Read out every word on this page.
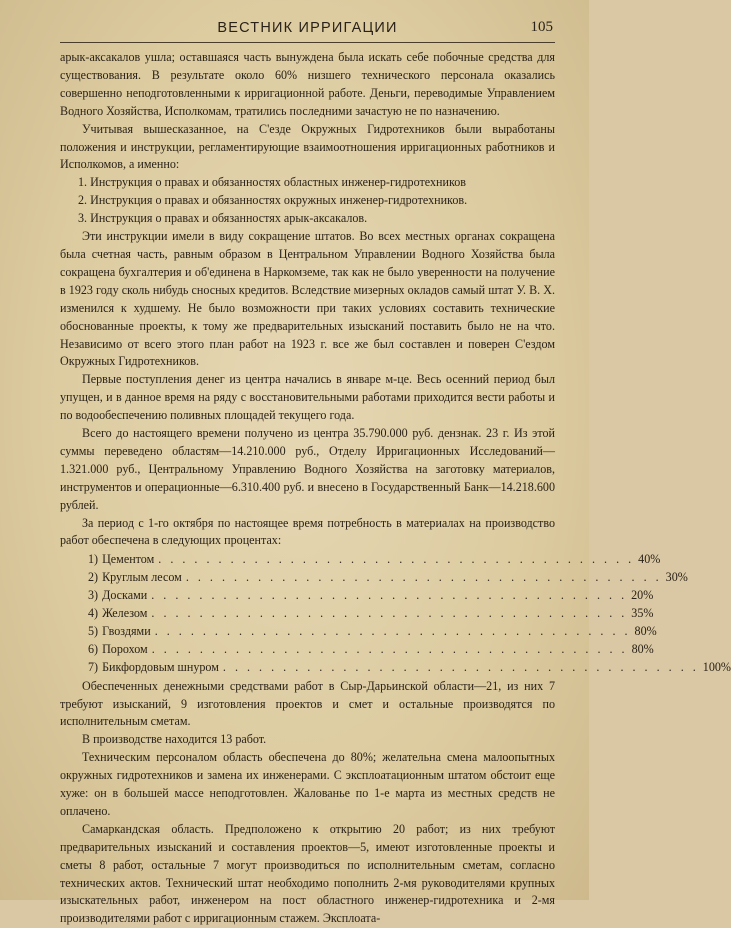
ВЕСТНИК ИРРИГАЦИИ	105

арык-аксакалов ушла; оставшаяся часть вынуждена была искать себе побочные средства для существования. В результате около 60% низшего технического персонала оказались совершенно неподготовленными к ирригационной работе. Деньги, переводимые Управлением Водного Хозяйства, Исполкомам, тратились последними зачастую не по назначению.

Учитывая вышесказанное, на С'езде Окружных Гидротехников были выработаны положения и инструкции, регламентирующие взаимоотношения ирригационных работников и Исполкомов, а именно:

1. Инструкция о правах и обязанностях областных инженер-гидротехников

2. Инструкция о правах и обязанностях окружных инженер-гидротехников.

3. Инструкция о правах и обязанностях арык-аксакалов.

Эти инструкции имели в виду сокращение штатов. Во всех местных органах сокращена была счетная часть, равным образом в Центральном Управлении Водного Хозяйства была сокращена бухгалтерия и об'единена в Наркомземе, так как не было уверенности на получение в 1923 году сколь нибудь сносных кредитов. Вследствие мизерных окладов самый штат У. В. Х. изменился к худшему. Не было возможности при таких условиях составить технические обоснованные проекты, к тому же предварительных изысканий поставить было не на что. Независимо от всего этого план работ на 1923 г. все же был составлен и поверен С'ездом Окружных Гидротехников.

Первые поступления денег из центра начались в январе м-це. Весь осенний период был упущен, и в данное время на ряду с восстановительными работами приходится вести работы и по водообеспечению поливных площадей текущего года.

Всего до настоящего времени получено из центра 35.790.000 руб. дензнак. 23 г. Из этой суммы переведено областям—14.210.000 руб., Отделу Ирригационных Исследований—1.321.000 руб., Центральному Управлению Водного Хозяйства на заготовку материалов, инструментов и операционные—6.310.400 руб. и внесено в Государственный Банк—14.218.600 рублей.

За период с 1-го октября по настоящее время потребность в материалах на производство работ обеспечена в следующих процентах:

1) Цементом . . . . . . . . . . . . . . . . . . . . . . . . . . . . . . . . . . . . . . . . 40%
2) Круглым лесом . . . . . . . . . . . . . . . . . . . . . . . . . . . . . . . . . . . . . . . . 30%
3) Досками . . . . . . . . . . . . . . . . . . . . . . . . . . . . . . . . . . . . . . . . 20%
4) Железом . . . . . . . . . . . . . . . . . . . . . . . . . . . . . . . . . . . . . . . . 35%
5) Гвоздями . . . . . . . . . . . . . . . . . . . . . . . . . . . . . . . . . . . . . . . . 80%
6) Порохом . . . . . . . . . . . . . . . . . . . . . . . . . . . . . . . . . . . . . . . . 80%
7) Бикфордовым шнуром . . . . . . . . . . . . . . . . . . . . . . . . . . . . . . . . . . . . . . . . 100%

Обеспеченных денежными средствами работ в Сыр-Дарьинской области—21, из них 7 требуют изысканий, 9 изготовления проектов и смет и остальные производятся по исполнительным сметам.

В производстве находится 13 работ.

Техническим персоналом область обеспечена до 80%; желательна смена малоопытных окружных гидротехников и замена их инженерами. С эксплоатационным штатом обстоит еще хуже: он в большей массе неподготовлен. Жалованье по 1-е марта из местных средств не оплачено.

Самаркандская область. Предположено к открытию 20 работ; из них требуют предварительных изысканий и составления проектов—5, имеют изготовленные проекты и сметы 8 работ, остальные 7 могут производиться по исполнительным сметам, согласно технических актов. Технический штат необходимо пополнить 2-мя руководителями крупных изыскательных работ, инженером на пост областного инженер-гидротехника и 2-мя производителями работ с ирригационным стажем. Эксплоата-
